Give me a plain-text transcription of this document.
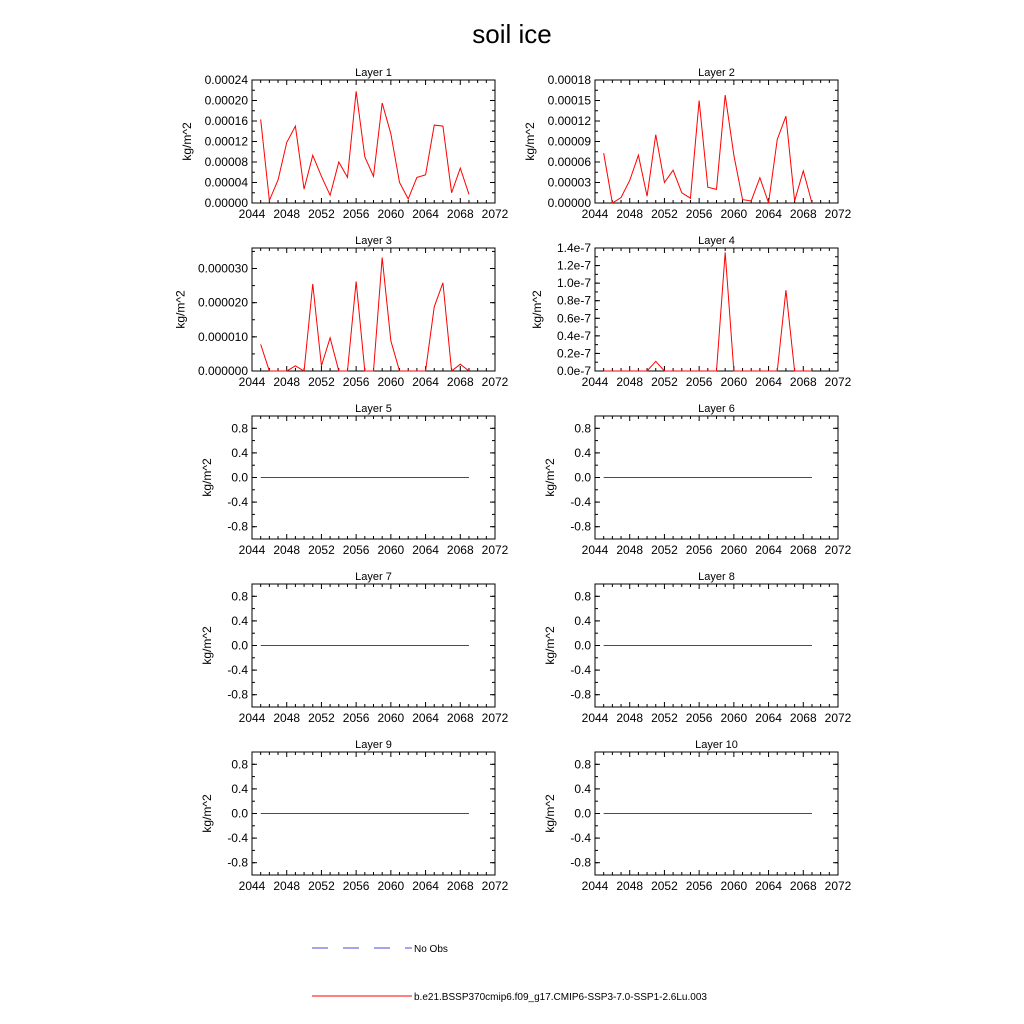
soil ice
Layer 1
2044 2048 2052 2056 2060 2064 2068 2072
0.00000
0.00004
0.00008
0.00012
0.00016
0.00020
0.00024
kg/m^2
Layer 2
2044 2048 2052 2056 2060 2064 2068 2072
0.00000
0.00003
0.00006
0.00009
0.00012
0.00015
0.00018
kg/m^2
Layer 3
2044 2048 2052 2056 2060 2064 2068 2072
0.000000
0.000010
0.000020
0.000030
kg/m^2
Layer 4
2044 2048 2052 2056 2060 2064 2068 2072
0.0e-7
0.2e-7
0.4e-7
0.6e-7
0.8e-7
1.0e-7
1.2e-7
1.4e-7
kg/m^2
Layer 5
2044 2048 2052 2056 2060 2064 2068 2072
-0.8
-0.4
0.0
0.4
0.8
kg/m^2
Layer 6
2044 2048 2052 2056 2060 2064 2068 2072
-0.8
-0.4
0.0
0.4
0.8
kg/m^2
Layer 7
2044 2048 2052 2056 2060 2064 2068 2072
-0.8
-0.4
0.0
0.4
0.8
kg/m^2
Layer 8
2044 2048 2052 2056 2060 2064 2068 2072
-0.8
-0.4
0.0
0.4
0.8
kg/m^2
Layer 9
2044 2048 2052 2056 2060 2064 2068 2072
-0.8
-0.4
0.0
0.4
0.8
kg/m^2
Layer 10
2044 2048 2052 2056 2060 2064 2068 2072
-0.8
-0.4
0.0
0.4
0.8
kg/m^2
No Obs
b.e21.BSSP370cmip6.f09_g17.CMIP6-SSP3-7.0-SSP1-2.6Lu.003
